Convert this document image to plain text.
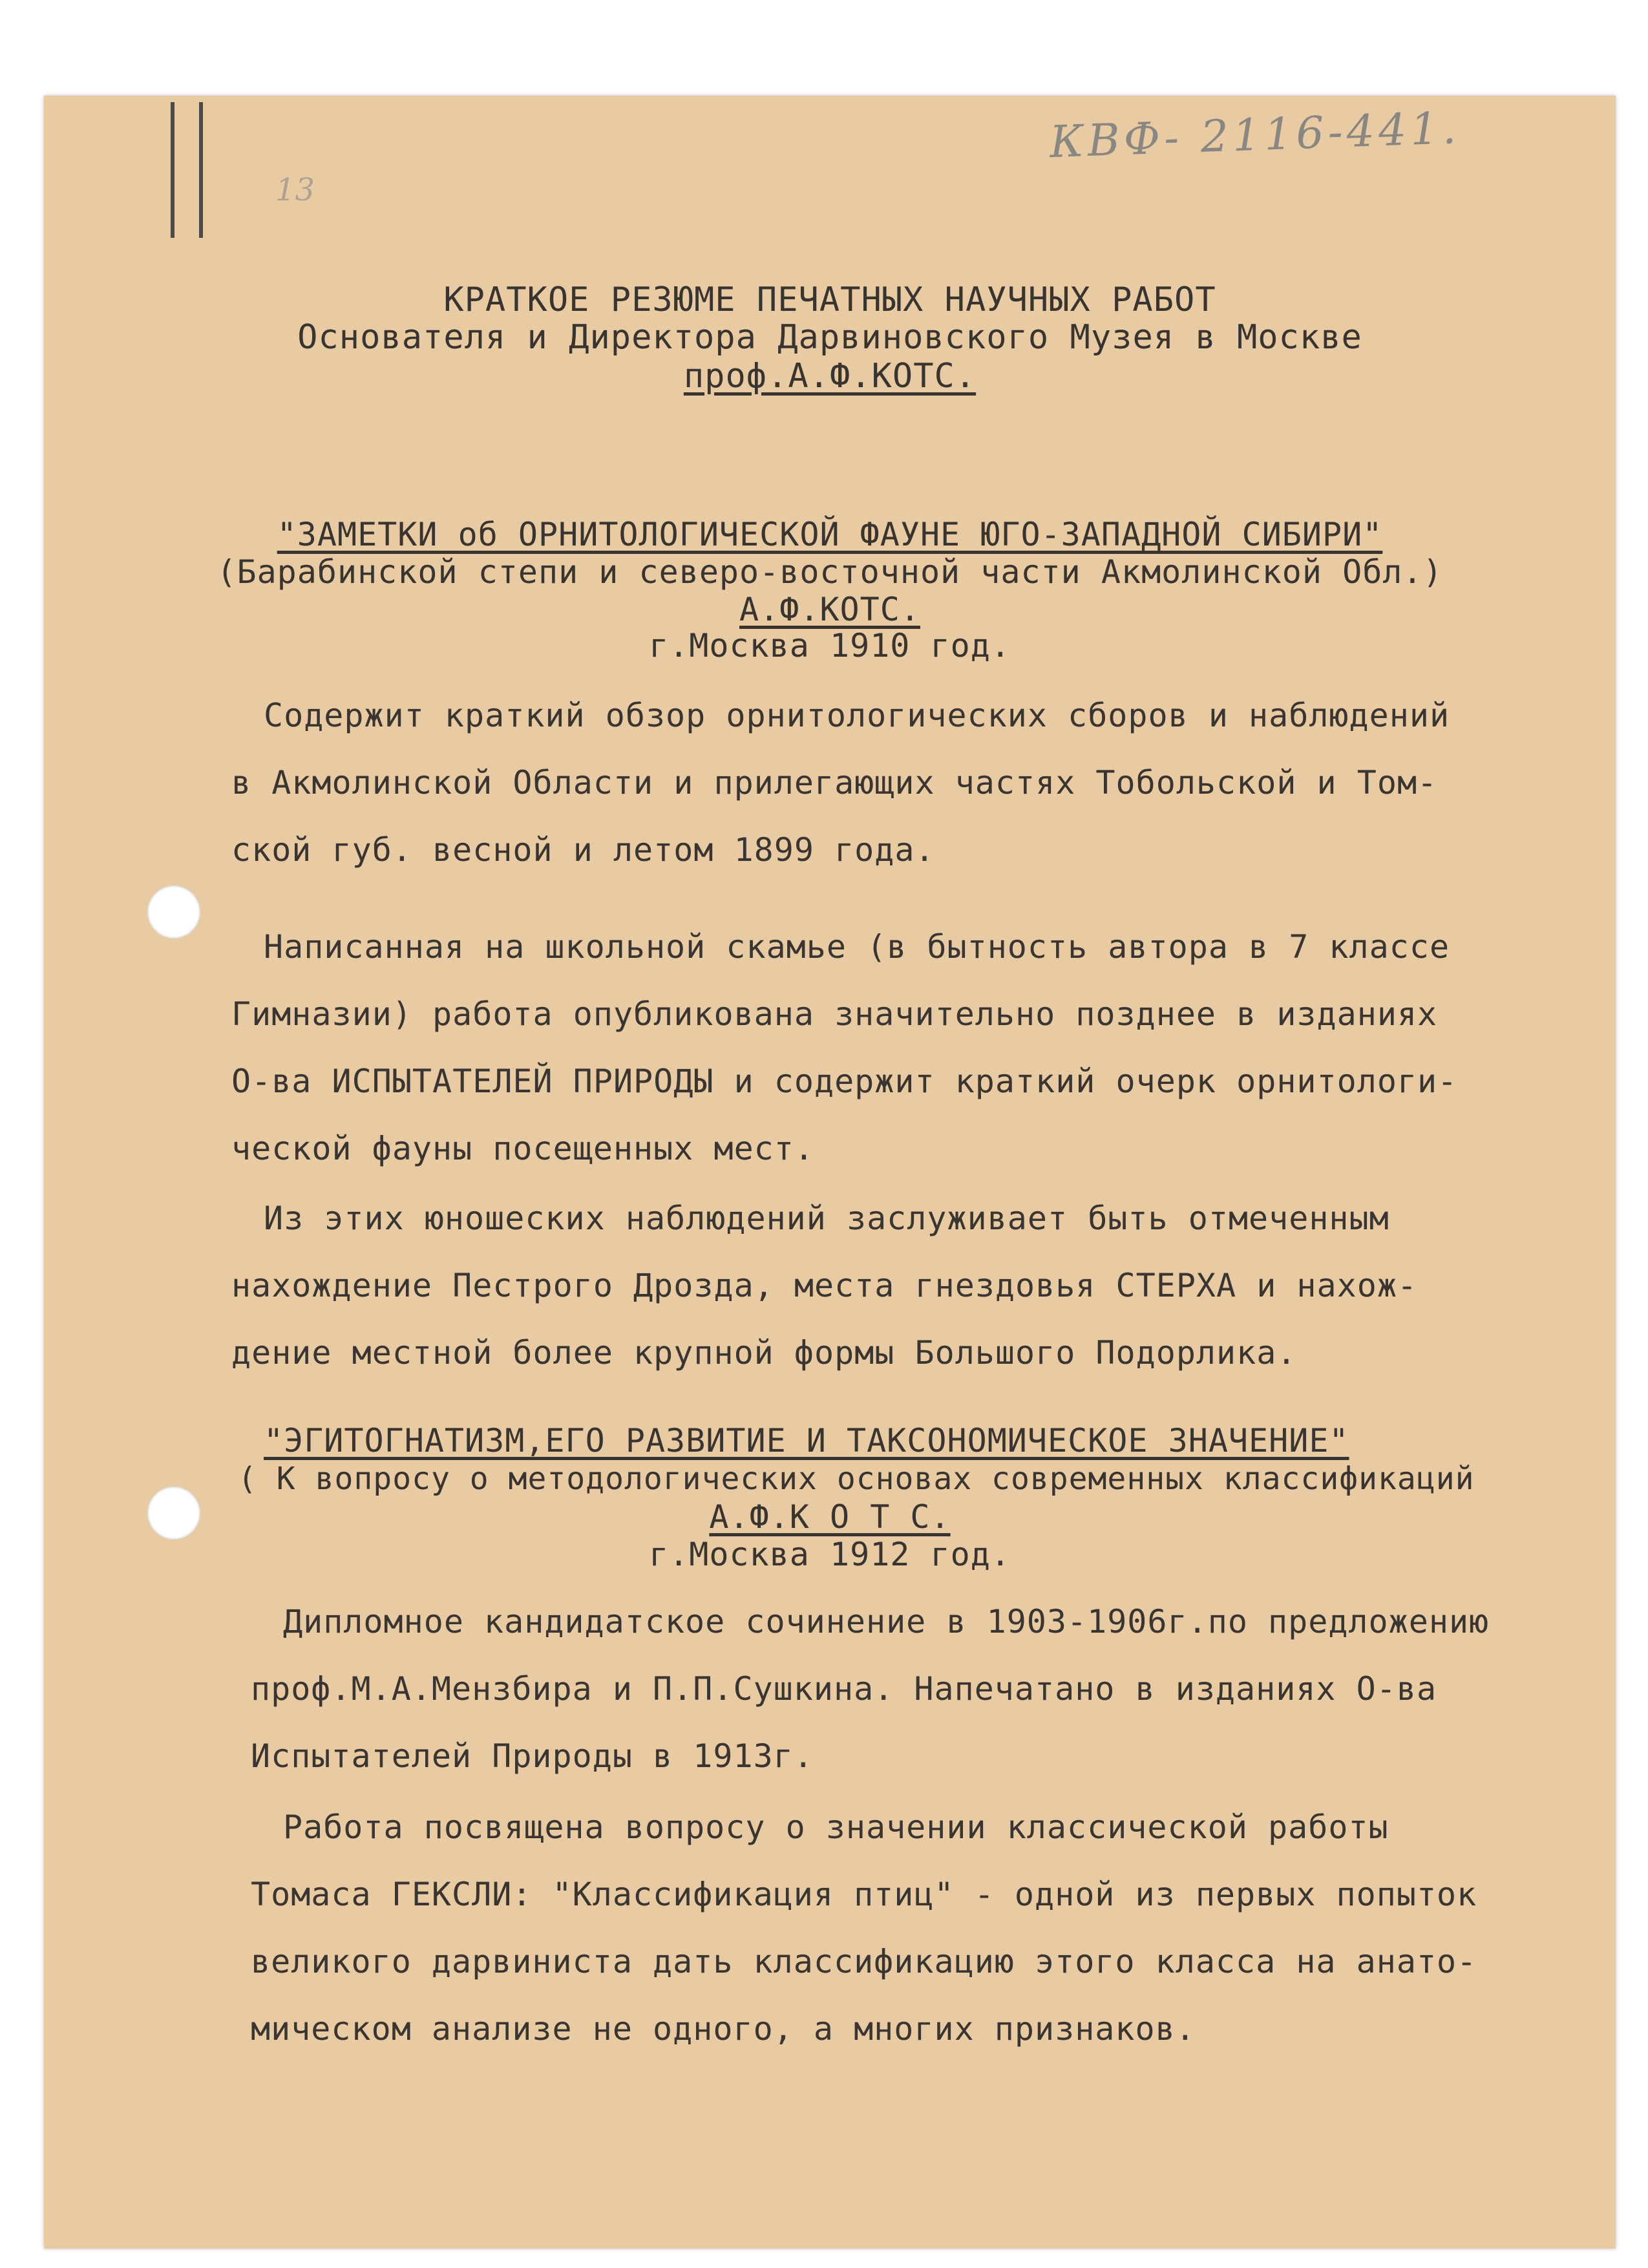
КВФ- 2116-441.
13
КРАТКОЕ РЕЗЮМЕ ПЕЧАТНЫХ НАУЧНЫХ РАБОТ
Основателя и Директора Дарвиновского Музея в Москве
проф.А.Ф.КОТС.
"ЗАМЕТКИ об ОРНИТОЛОГИЧЕСКОЙ ФАУНЕ ЮГО-ЗАПАДНОЙ СИБИРИ"
(Барабинской степи и северо-восточной части Акмолинской Обл.)
А.Ф.КОТС.
г.Москва 1910 год.
Содержит краткий обзор орнитологических сборов и наблюдений
в Акмолинской Области и прилегающих частях Тобольской и Том-
ской губ. весной и летом 1899 года.
Написанная на школьной скамье (в бытность автора в 7 классе
Гимназии) работа опубликована значительно позднее в изданиях
О-ва ИСПЫТАТЕЛЕЙ ПРИРОДЫ и содержит краткий очерк орнитологи-
ческой фауны посещенных мест.
Из этих юношеских наблюдений заслуживает быть отмеченным
нахождение Пестрого Дрозда, места гнездовья СТЕРХА и нахож-
дение местной более крупной формы Большого Подорлика.
"ЭГИТОГНАТИЗМ,ЕГО РАЗВИТИЕ И ТАКСОНОМИЧЕСКОЕ ЗНАЧЕНИЕ"
( К вопросу о методологических основах современных классификаций
А.Ф.К О Т С.
г.Москва 1912 год.
Дипломное кандидатское сочинение в 1903-1906г.по предложению
проф.М.А.Мензбира и П.П.Сушкина. Напечатано в изданиях О-ва
Испытателей Природы в 1913г.
Работа посвящена вопросу о значении классической работы
Томаса ГЕКСЛИ: "Классификация птиц" - одной из первых попыток
великого дарвиниста дать классификацию этого класса на анато-
мическом анализе не одного, а многих признаков.
